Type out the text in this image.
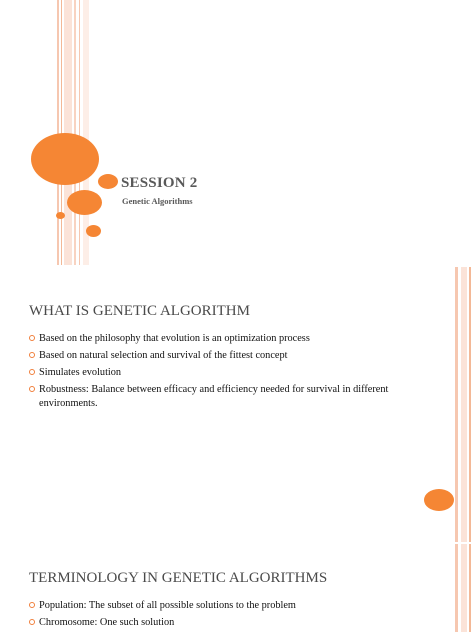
SESSION 2
Genetic Algorithms
WHAT IS GENETIC ALGORITHM
Based on the philosophy that evolution is an optimization process
Based on natural selection and survival of the fittest concept
Simulates evolution
Robustness: Balance between efficacy and efficiency needed for survival in different environments.
TERMINOLOGY IN GENETIC ALGORITHMS
Population: The subset of all possible solutions to the problem
Chromosome: One such solution
